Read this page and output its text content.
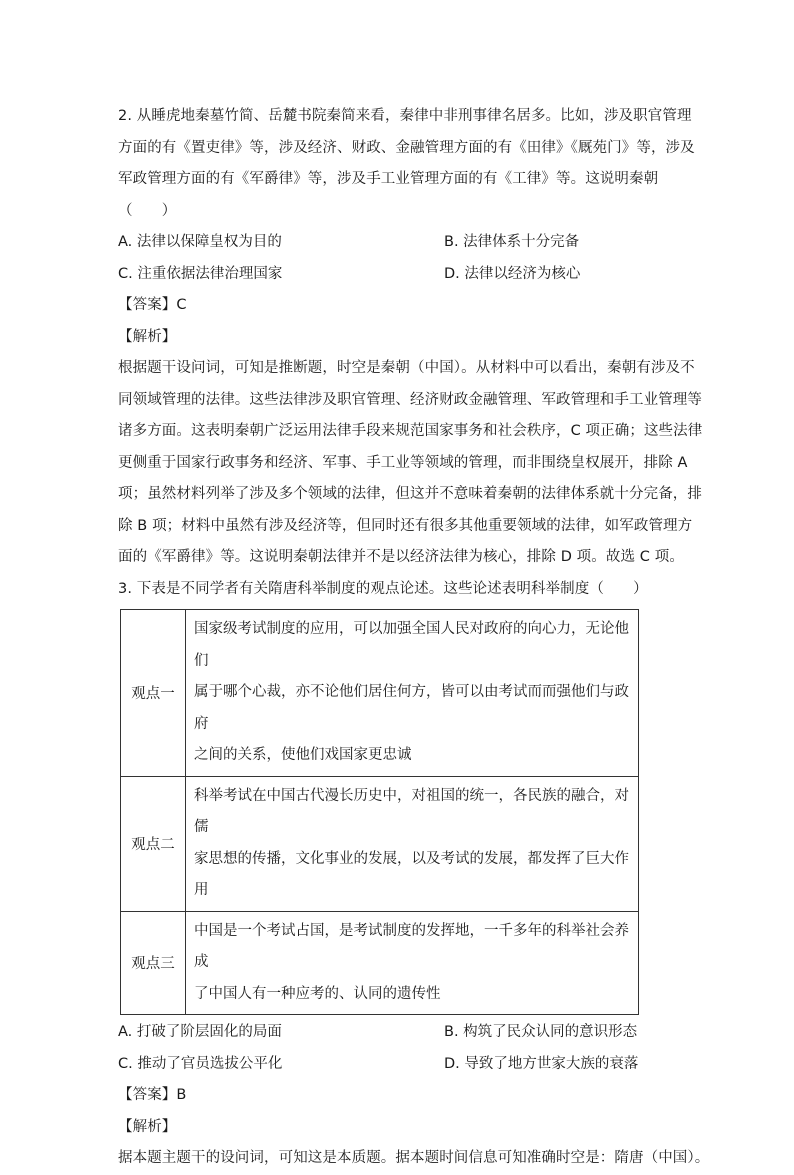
2. 从睡虎地秦墓竹简、岳麓书院秦简来看，秦律中非刑事律名居多。比如，涉及职官管理
方面的有《置吏律》等，涉及经济、财政、金融管理方面的有《田律》《厩苑门》等，涉及
军政管理方面的有《军爵律》等，涉及手工业管理方面的有《工律》等。这说明秦朝
（　　）
A. 法律以保障皇权为目的	B. 法律体系十分完备
C. 注重依据法律治理国家	D. 法律以经济为核心
【答案】C
【解析】
根据题干设问词，可知是推断题，时空是秦朝（中国）。从材料中可以看出，秦朝有涉及不
同领域管理的法律。这些法律涉及职官管理、经济财政金融管理、军政管理和手工业管理等
诸多方面。这表明秦朝广泛运用法律手段来规范国家事务和社会秩序，C 项正确；这些法律
更侧重于国家行政事务和经济、军事、手工业等领域的管理，而非围绕皇权展开，排除 A
项；虽然材料列举了涉及多个领域的法律，但这并不意味着秦朝的法律体系就十分完备，排
除 B 项；材料中虽然有涉及经济等，但同时还有很多其他重要领域的法律，如军政管理方
面的《军爵律》等。这说明秦朝法律并不是以经济法律为核心，排除 D 项。故选 C 项。
3. 下表是不同学者有关隋唐科举制度的观点论述。这些论述表明科举制度（　　）
观点一	国家级考试制度的应用，可以加强全国人民对政府的向心力，无论他们
属于哪个心裁，亦不论他们居住何方，皆可以由考试而而强他们与政府
之间的关系，使他们戏国家更忠诚

观点二	科举考试在中国古代漫长历史中，对祖国的统一，各民族的融合，对儒
家思想的传播，文化事业的发展，以及考试的发展，都发挥了巨大作用

观点三	中国是一个考试占国，是考试制度的发挥地，一千多年的科举社会养成
了中国人有一种应考的、认同的遗传性
A. 打破了阶层固化的局面	B. 构筑了民众认同的意识形态
C. 推动了官员选拔公平化	D. 导致了地方世家大族的衰落
【答案】B
【解析】
据本题主题干的设问词，可知这是本质题。据本题时间信息可知准确时空是：隋唐（中国）。
